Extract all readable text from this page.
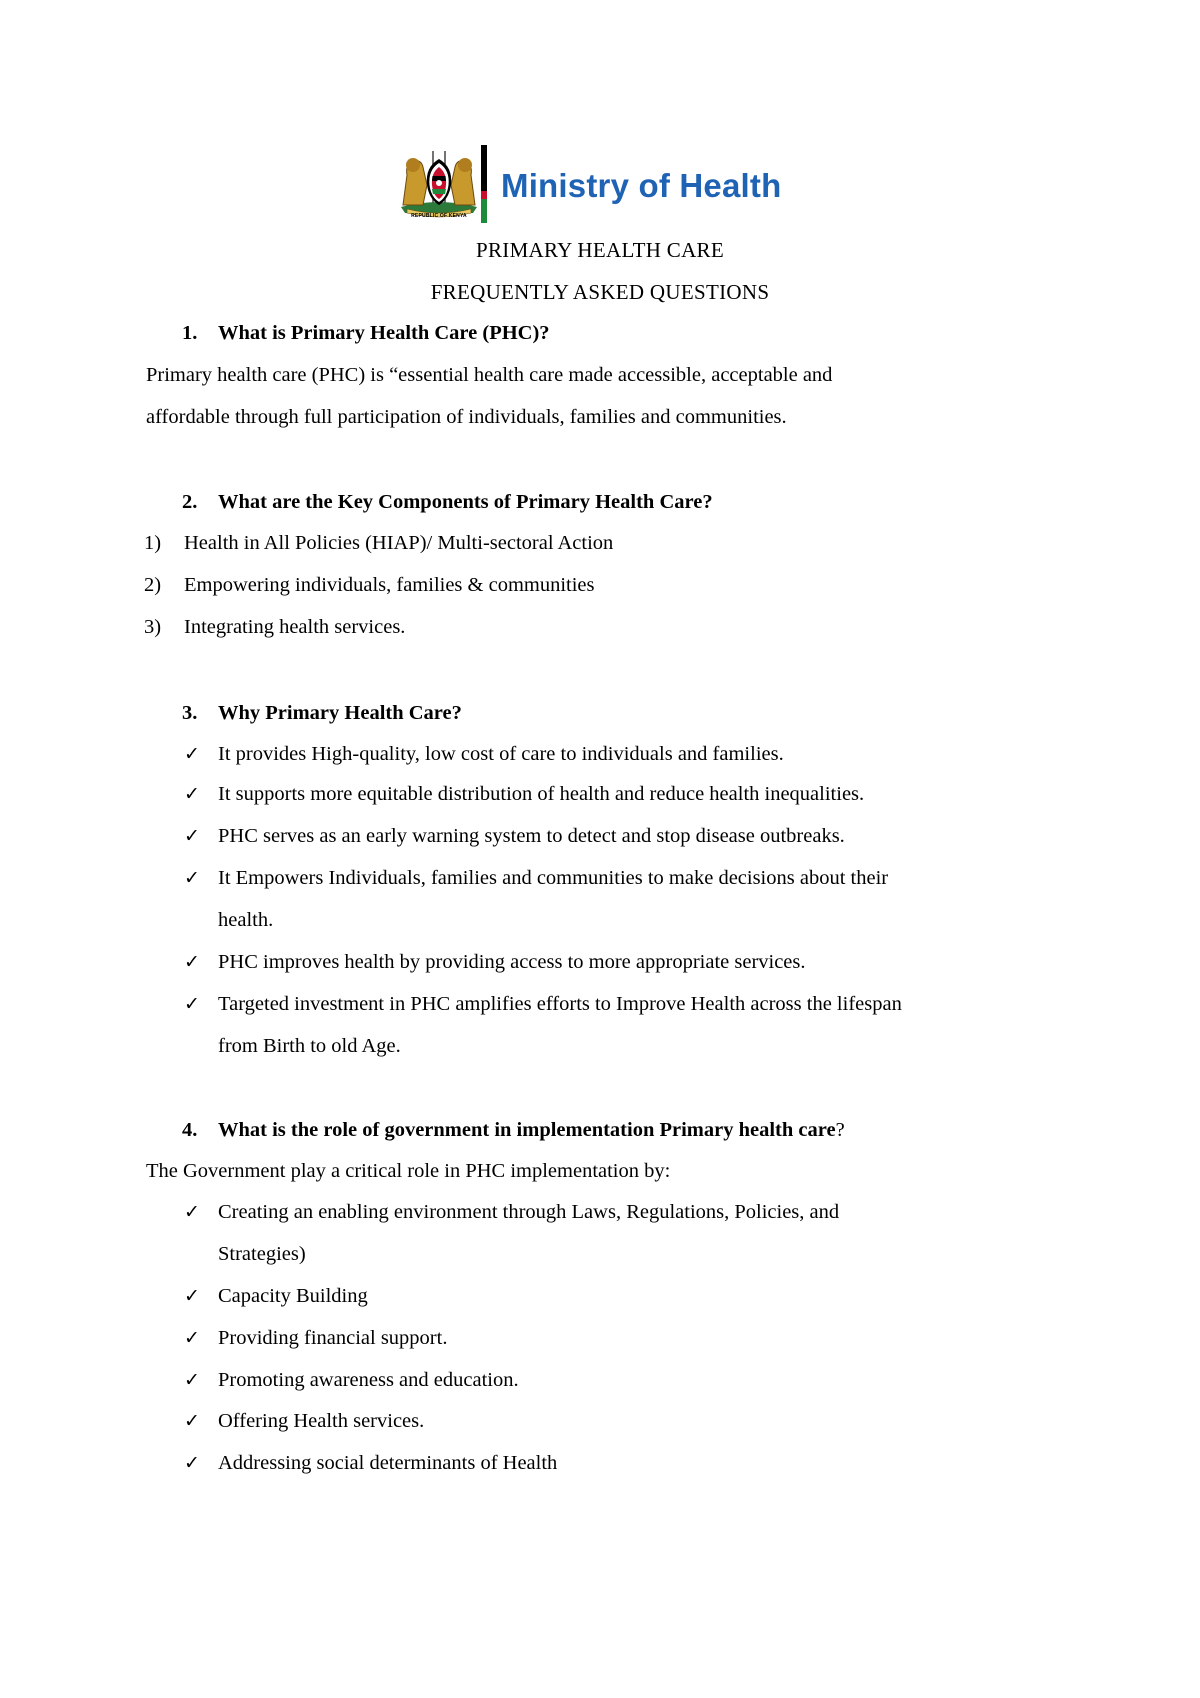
REPUBLIC OF KENYA
Ministry of Health
PRIMARY HEALTH CARE
FREQUENTLY ASKED QUESTIONS
1. What is Primary Health Care (PHC)?
Primary health care (PHC) is “essential health care made accessible, acceptable and
affordable through full participation of individuals, families and communities.
2. What are the Key Components of Primary Health Care?
1) Health in All Policies (HIAP)/ Multi-sectoral Action
2) Empowering individuals, families & communities
3) Integrating health services.
3. Why Primary Health Care?
✓ It provides High-quality, low cost of care to individuals and families.
✓ It supports more equitable distribution of health and reduce health inequalities.
✓ PHC serves as an early warning system to detect and stop disease outbreaks.
✓ It Empowers Individuals, families and communities to make decisions about their
health.
✓ PHC improves health by providing access to more appropriate services.
✓ Targeted investment in PHC amplifies efforts to Improve Health across the lifespan
from Birth to old Age.
4. What is the role of government in implementation Primary health care?
The Government play a critical role in PHC implementation by:
✓ Creating an enabling environment through Laws, Regulations, Policies, and
Strategies)
✓ Capacity Building
✓ Providing financial support.
✓ Promoting awareness and education.
✓ Offering Health services.
✓ Addressing social determinants of Health
